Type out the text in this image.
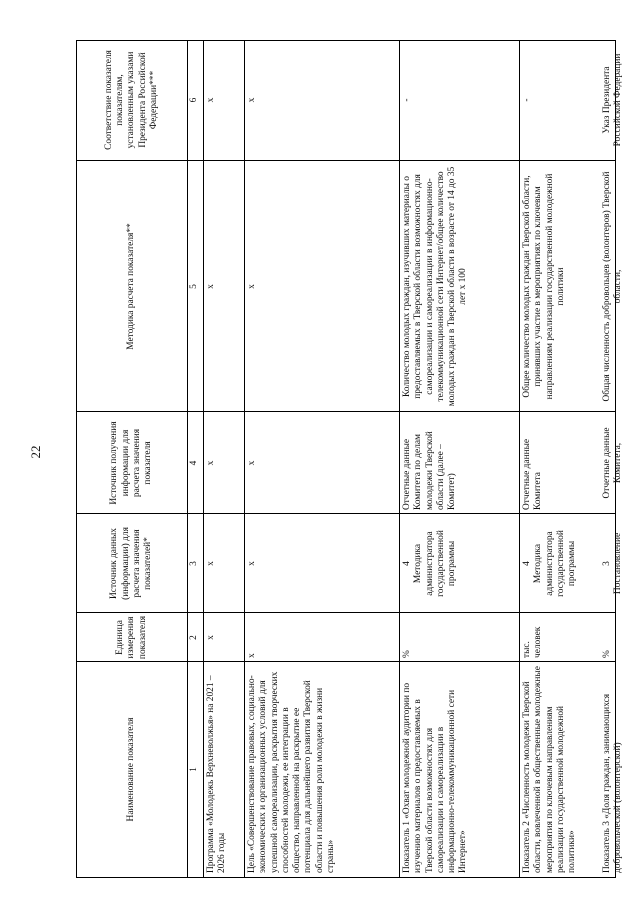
22
Наименование показателя
Единица измерения показателя
Источник данных (информации) для расчета значения показателей*
Источник получения информации для расчета значения показателя
Методика расчета показателя**
Соответствие показателя показателям, установленным указами Президента Российской Федерации***
1
2
3
4
5
6
Программа «Молодежь Верхневолжья» на 2021 – 2026 годы
х
х
х
х
х
Цель «Совершенствование правовых, социально-экономических и организационных условий для успешной самореализации, раскрытия творческих способностей молодежи, ее интеграции в общество, направленной на раскрытие ее потенциала для дальнейшего развития Тверской области и повышения роли молодежи в жизни страны»
х
х
х
х
х
Показатель 1 «Охват молодежной аудитории по изучению материалов о предоставляемых в Тверской области возможностях для самореализации и самореализации в информационно-телекоммуникационной сети Интернет»
%
4
Методика администратора государственной программы
Отчетные данные Комитета по делам молодежи Тверской области (далее – Комитет)
Количество молодых граждан, изучивших материалы о предоставляемых в Тверской области возможностях для самореализации и самореализации в информационно-телекоммуникационной сети Интернет/общее количество молодых граждан в Тверской области в возрасте от 14 до 35 лет х 100
-
Показатель 2 «Численность молодежи Тверской области, вовлеченной в общественные молодежные мероприятия по ключевым направлениям реализации государственной молодежной политики»
тыс. человек
4
Методика администратора государственной программы
Отчетные данные Комитета
Общее количество молодых граждан Тверской области, принявших участие в мероприятиях по ключевым направлениям реализации государственной молодежной политики
-
Показатель 3 «Доля граждан, занимающихся добровольческой (волонтерской)
%
3
Постановление
Отчетные данные Комитета,
Общая численность добровольцев (волонтеров) Тверской области,
Указ Президента Российской Федерации
